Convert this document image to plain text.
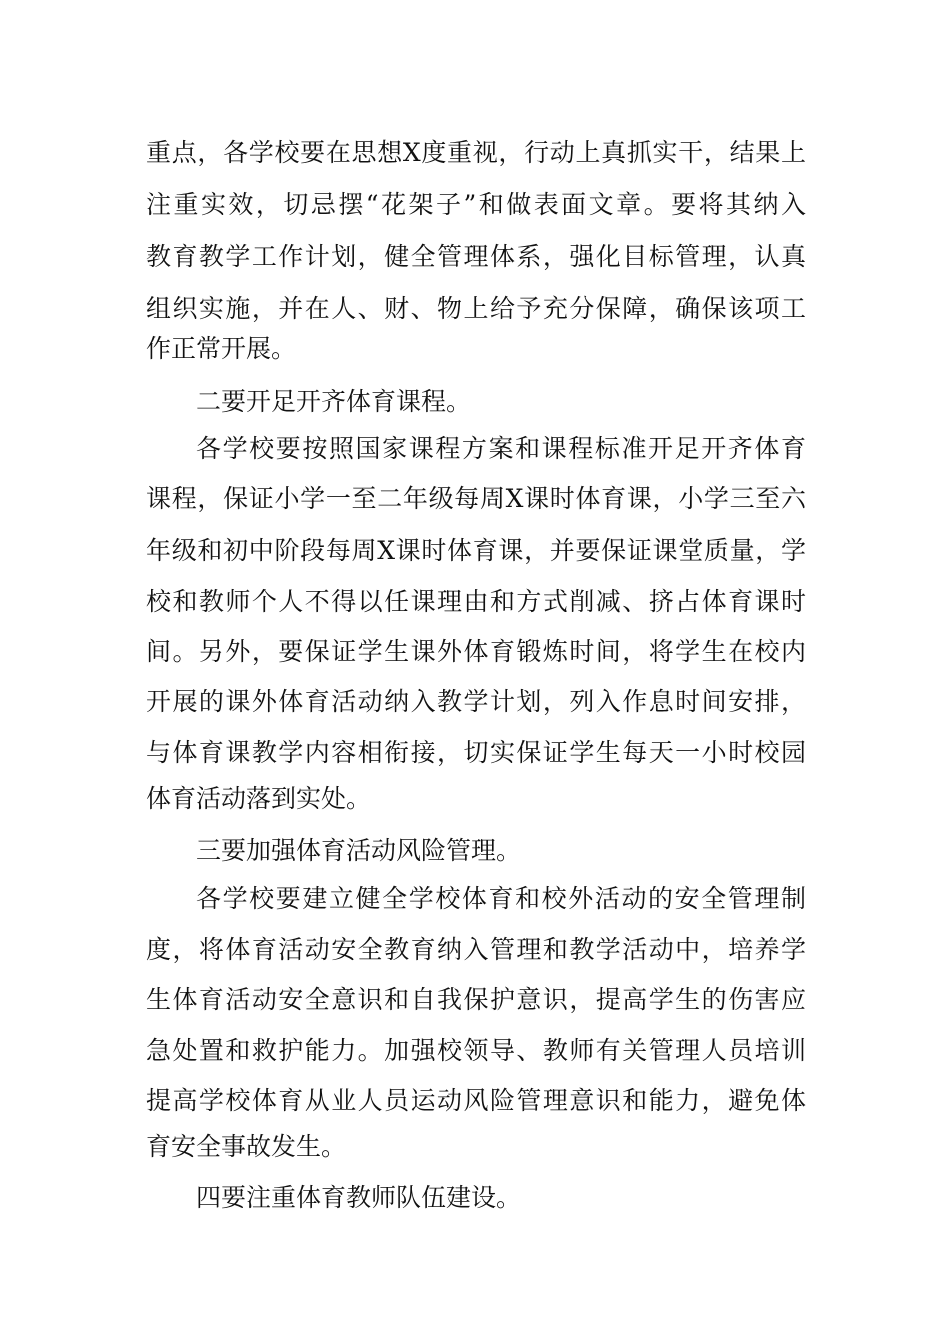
重点，各学校要在思想X度重视，行动上真抓实干，结果上
注重实效，切忌摆“花架子”和做表面文章。要将其纳入
教育教学工作计划，健全管理体系，强化目标管理，认真
组织实施，并在人、财、物上给予充分保障，确保该项工
作正常开展。
二要开足开齐体育课程。
各学校要按照国家课程方案和课程标准开足开齐体育
课程，保证小学一至二年级每周X课时体育课，小学三至六
年级和初中阶段每周X课时体育课，并要保证课堂质量，学
校和教师个人不得以任课理由和方式削减、挤占体育课时
间。另外，要保证学生课外体育锻炼时间，将学生在校内
开展的课外体育活动纳入教学计划，列入作息时间安排，
与体育课教学内容相衔接，切实保证学生每天一小时校园
体育活动落到实处。
三要加强体育活动风险管理。
各学校要建立健全学校体育和校外活动的安全管理制
度，将体育活动安全教育纳入管理和教学活动中，培养学
生体育活动安全意识和自我保护意识，提高学生的伤害应
急处置和救护能力。加强校领导、教师有关管理人员培训
提高学校体育从业人员运动风险管理意识和能力，避免体
育安全事故发生。
四要注重体育教师队伍建设。
